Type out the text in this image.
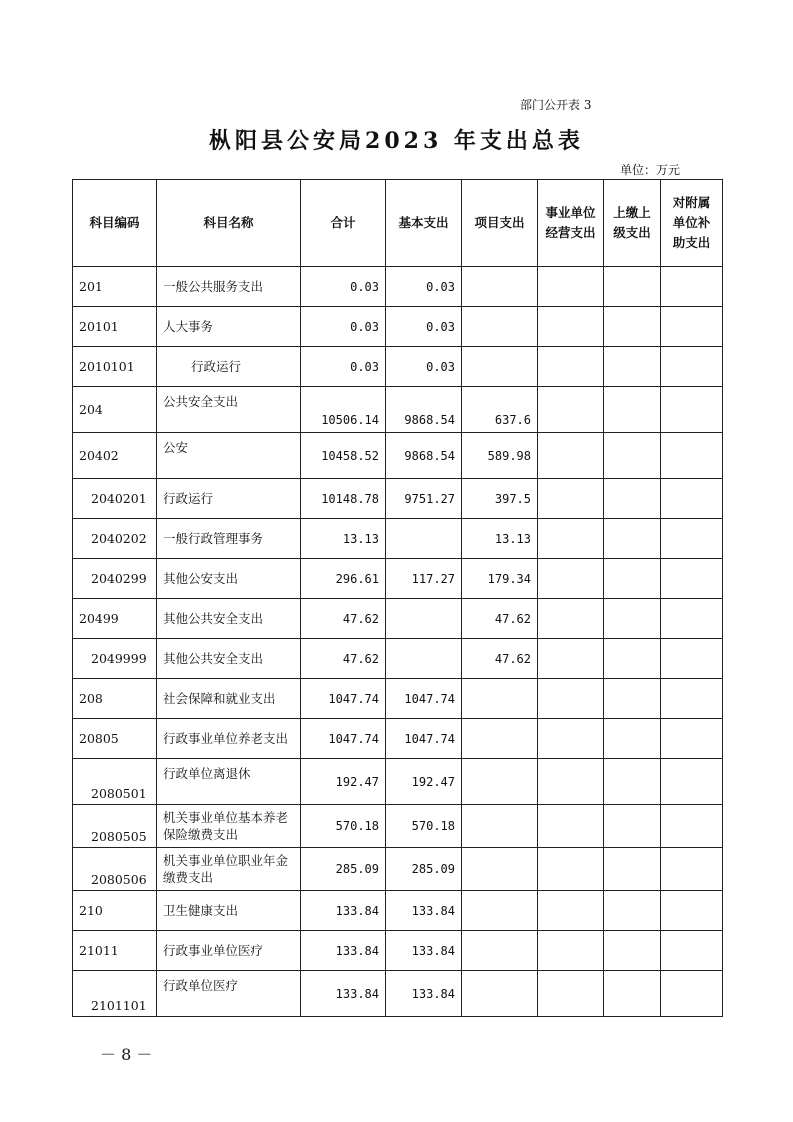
部门公开表 3
枞阳县公安局2023 年支出总表
单位：万元
科目编码	科目名称	合计	基本支出	项目支出	事业单位经营支出	上缴上级支出	对附属单位补助支出
201	一般公共服务支出	0.03	0.03				
20101	人大事务	0.03	0.03				
2010101	行政运行	0.03	0.03				
204	公共安全支出	10506.14	9868.54	637.6			
20402	公安	10458.52	9868.54	589.98			
2040201	行政运行	10148.78	9751.27	397.5			
2040202	一般行政管理事务	13.13		13.13			
2040299	其他公安支出	296.61	117.27	179.34			
20499	其他公共安全支出	47.62		47.62			
2049999	其他公共安全支出	47.62		47.62			
208	社会保障和就业支出	1047.74	1047.74				
20805	行政事业单位养老支出	1047.74	1047.74				
2080501	行政单位离退休	192.47	192.47				
2080505	机关事业单位基本养老保险缴费支出	570.18	570.18				
2080506	机关事业单位职业年金缴费支出	285.09	285.09				
210	卫生健康支出	133.84	133.84				
21011	行政事业单位医疗	133.84	133.84				
2101101	行政单位医疗	133.84	133.84				
－ 8 －
